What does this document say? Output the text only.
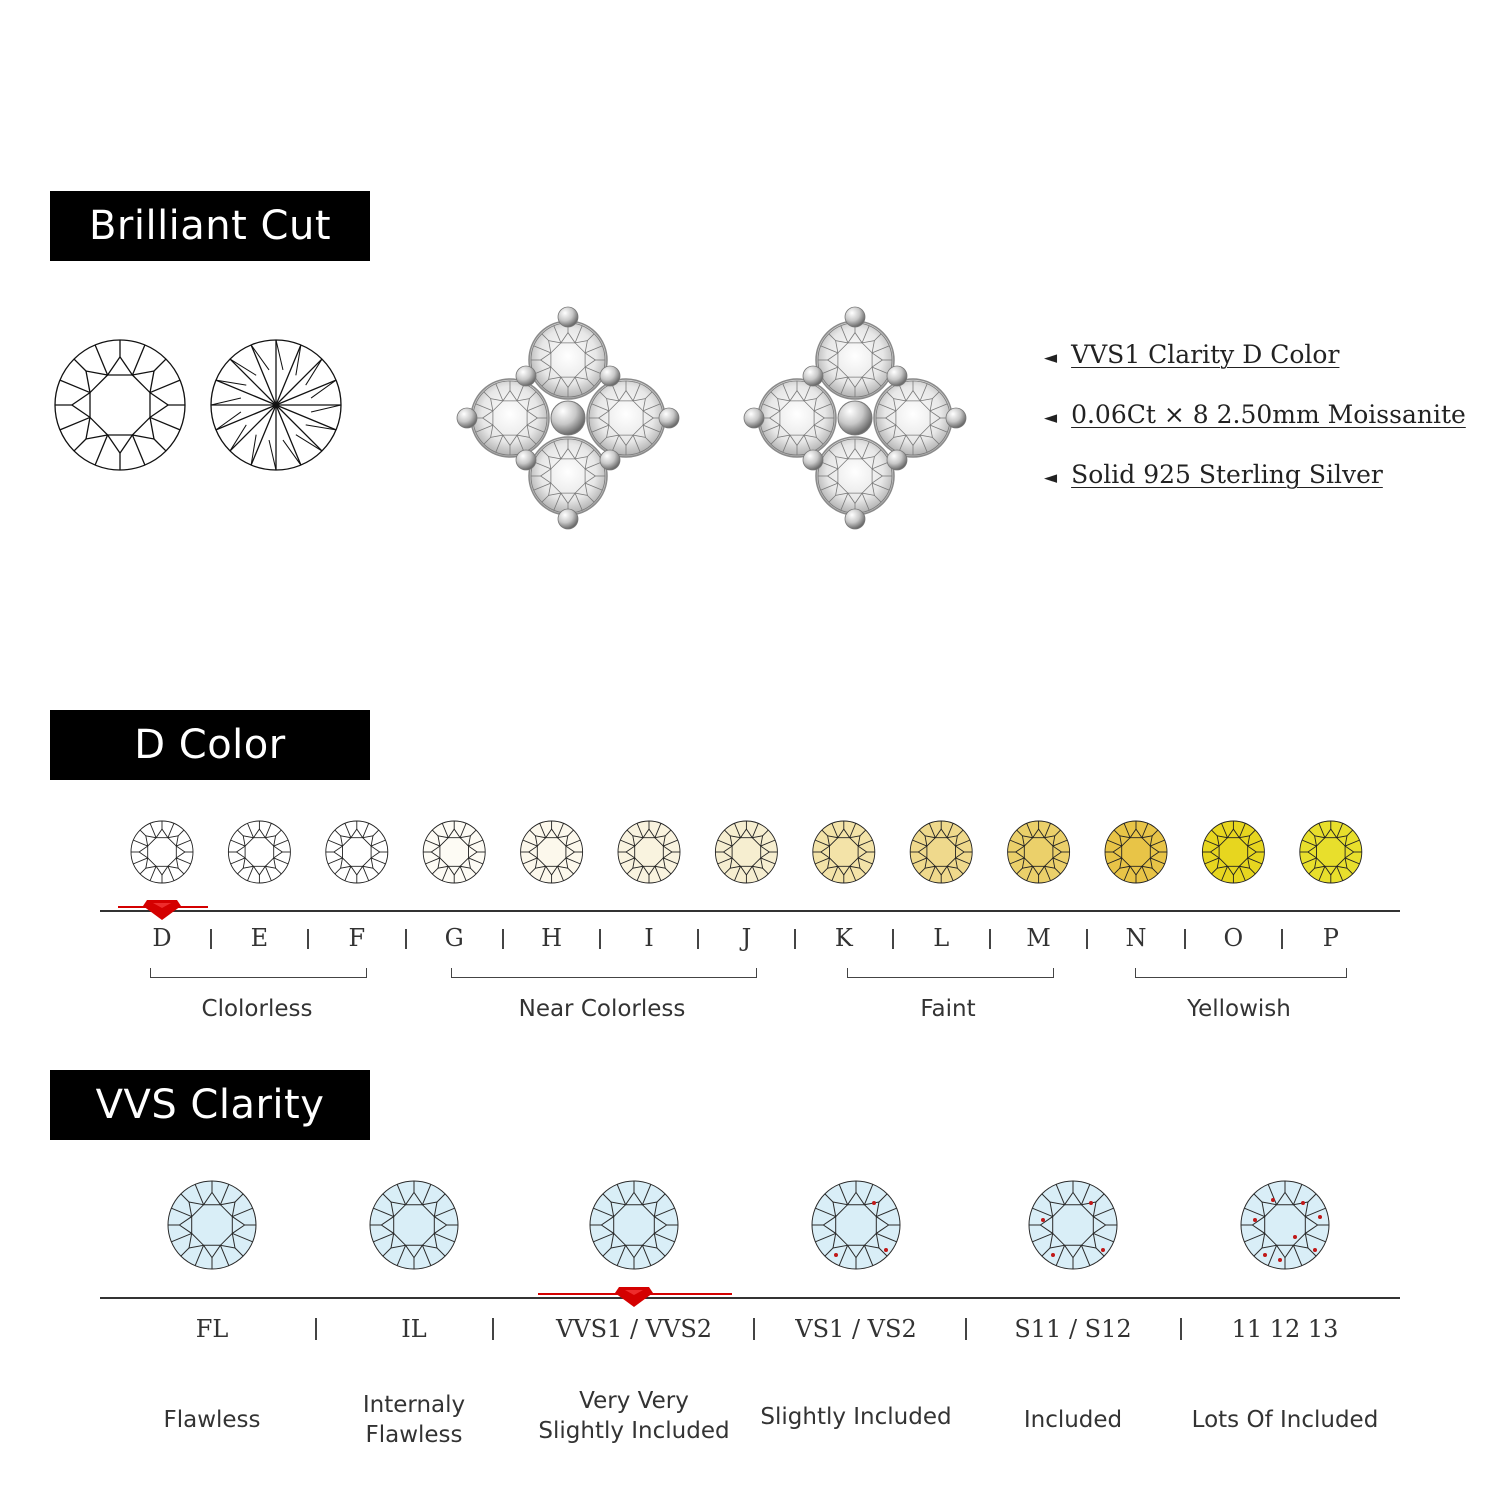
Brilliant Cut
D Color
VVS Clarity
◄ VVS1 Clarity D Color
◄ 0.06Ct × 8 2.50mm Moissanite
◄ Solid 925 Sterling Silver
D	E	F	G	H	I	J	K	L	M	N	O	P
Clolorless	Near Colorless	Faint	Yellowish
FL	IL	VVS1 / VVS2	VS1 / VS2	S11 / S12	11 12 13
Flawless
Internaly
Flawless
Very Very
Slightly Included
Slightly Included	Included	Lots Of Included
